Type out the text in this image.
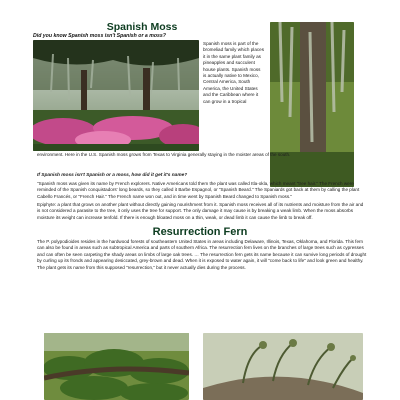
Spanish Moss
Did you know Spanish moss isn't Spanish or a moss?
Spanish moss is part of the bromeliad family which places it in the same plant family as pineapples and succulent house plants. Spanish moss is actually native to Mexico, Central America, South America, the United States and the Caribbean where it can grow in a tropical
environment. Here in the U.S. Spanish moss grows from Texas to Virginia generally staying in the moister areas of the south.
If Spanish moss isn't Spanish or a moss, how did it get it's name?
"Spanish moss was given its name by French explorers. Native Americans told them the plant was called Itla-okla, which meant "tree hair." The French were reminded of the Spanish conquistadors' long beards, so they called it Barbe Espagnol, or "Spanish Beard." The Spaniards got back at them by calling the plant Cabello Francés, or "French Hair." The French name won out, and in time went by Spanish Beard changed to Spanish moss."
Epiphyte: a plant that grows on another plant without directly gaining nourishment from it. Spanish moss receives all of its nutrients and moisture from the air and is not considered a parasite to the tree, it only uses the tree for support. The only damage it may cause is by breaking a weak limb. When the moss absorbs moisture its weight can increase tenfold. If there is enough bloated moss on a thin, weak, or dead limb it can cause the limb to break off.
Resurrection Fern
The P. polypodioides resides in the hardwood forests of southeastern United States in areas including Delaware, Illinois, Texas, Oklahoma, and Florida. This fern can also be found in areas such as subtropical America and parts of southern Africa. The resurrection fern lives on the branches of large trees such as cypresses and can often be seen carpeting the shady areas on limbs of large oak trees. … The resurrection fern gets its name because it can survive long periods of drought by curling up its fronds and appearing desiccated, grey-brown and dead. When it is exposed to water again, it will "come back to life" and look green and healthy. The plant gets its name from this supposed "resurrection," but it never actually dies during the process.
